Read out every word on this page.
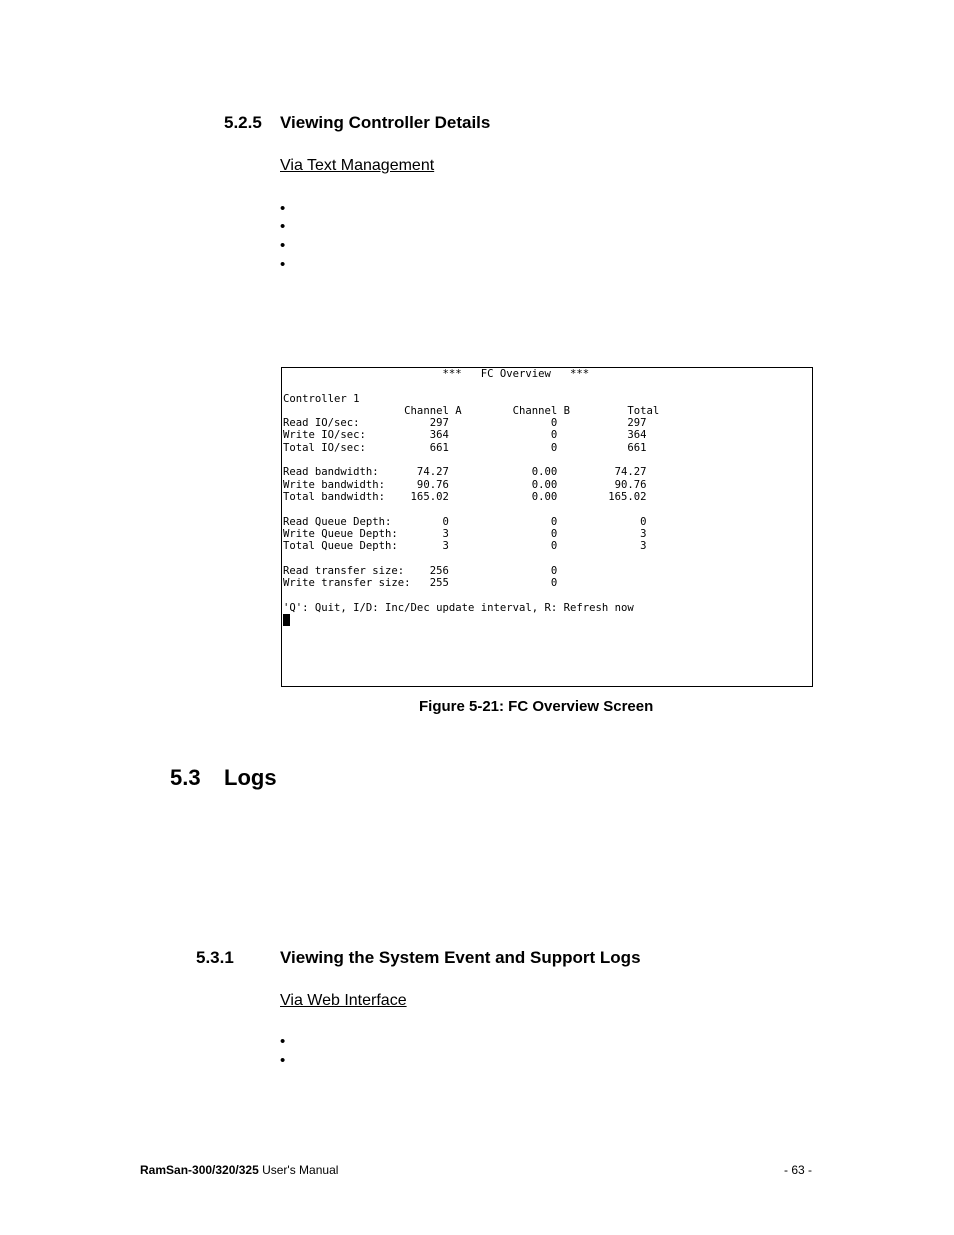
5.2.5 Viewing Controller Details
Via Text Management
•
•
•
•
***   FC Overview   ***

Controller 1
Channel A        Channel B         Total
Read IO/sec:           297                0           297
Write IO/sec:          364                0           364
Total IO/sec:          661                0           661

Read bandwidth:      74.27             0.00         74.27
Write bandwidth:     90.76             0.00         90.76
Total bandwidth:    165.02             0.00        165.02

Read Queue Depth:        0                0             0
Write Queue Depth:       3                0             3
Total Queue Depth:       3                0             3

Read transfer size:    256                0
Write transfer size:   255                0

'Q': Quit, I/D: Inc/Dec update interval, R: Refresh now
Figure 5-21: FC Overview Screen
5.3 Logs
5.3.1	Viewing the System Event and Support Logs
Via Web Interface
•
•
RamSan-300/320/325 User's Manual	- 63 -
